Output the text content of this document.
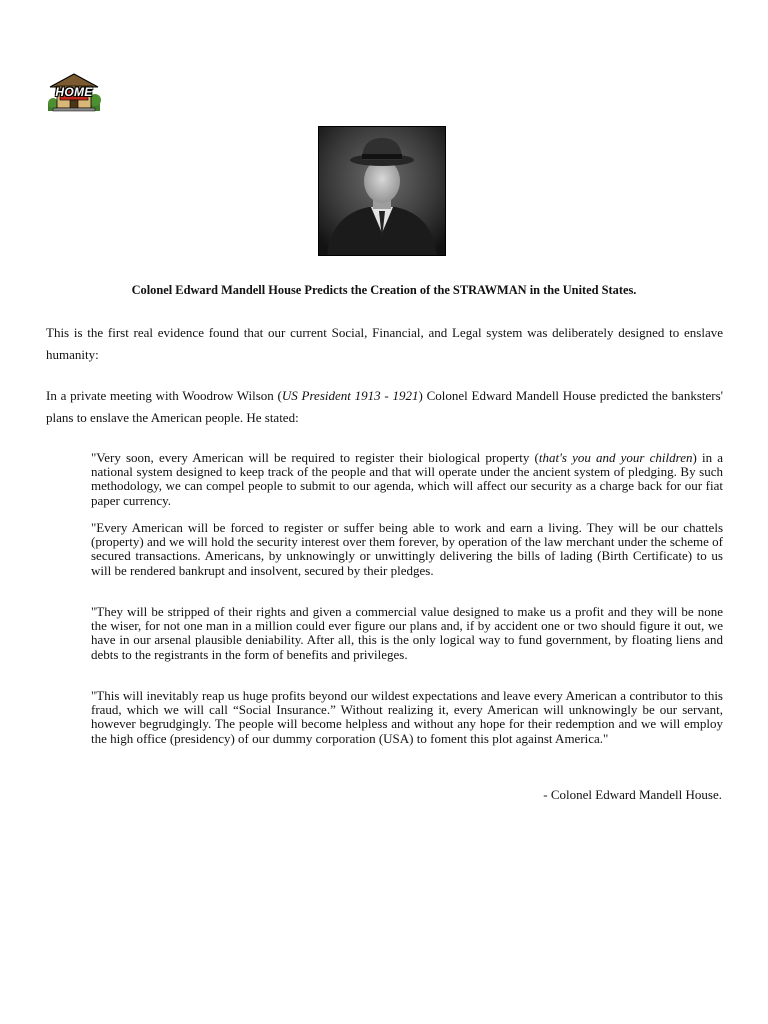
HOME
Colonel Edward Mandell House Predicts the Creation of the STRAWMAN in the United States.

This is the first real evidence found that our current Social, Financial, and Legal system was deliberately designed to enslave humanity:

In a private meeting with Woodrow Wilson (US President 1913 - 1921) Colonel Edward Mandell House predicted the banksters' plans to enslave the American people. He stated:

"Very soon, every American will be required to register their biological property (that's you and your children) in a national system designed to keep track of the people and that will operate under the ancient system of pledging. By such methodology, we can compel people to submit to our agenda, which will affect our security as a charge back for our fiat paper currency.

"Every American will be forced to register or suffer being able to work and earn a living. They will be our chattels (property) and we will hold the security interest over them forever, by operation of the law merchant under the scheme of secured transactions. Americans, by unknowingly or unwittingly delivering the bills of lading (Birth Certificate) to us will be rendered bankrupt and insolvent, secured by their pledges.

"They will be stripped of their rights and given a commercial value designed to make us a profit and they will be none the wiser, for not one man in a million could ever figure our plans and, if by accident one or two should figure it out, we have in our arsenal plausible deniability. After all, this is the only logical way to fund government, by floating liens and debts to the registrants in the form of benefits and privileges.

"This will inevitably reap us huge profits beyond our wildest expectations and leave every American a contributor to this fraud, which we will call “Social Insurance.” Without realizing it, every American will unknowingly be our servant, however begrudgingly. The people will become helpless and without any hope for their redemption and we will employ the high office (presidency) of our dummy corporation (USA) to foment this plot against America."

- Colonel Edward Mandell House.
